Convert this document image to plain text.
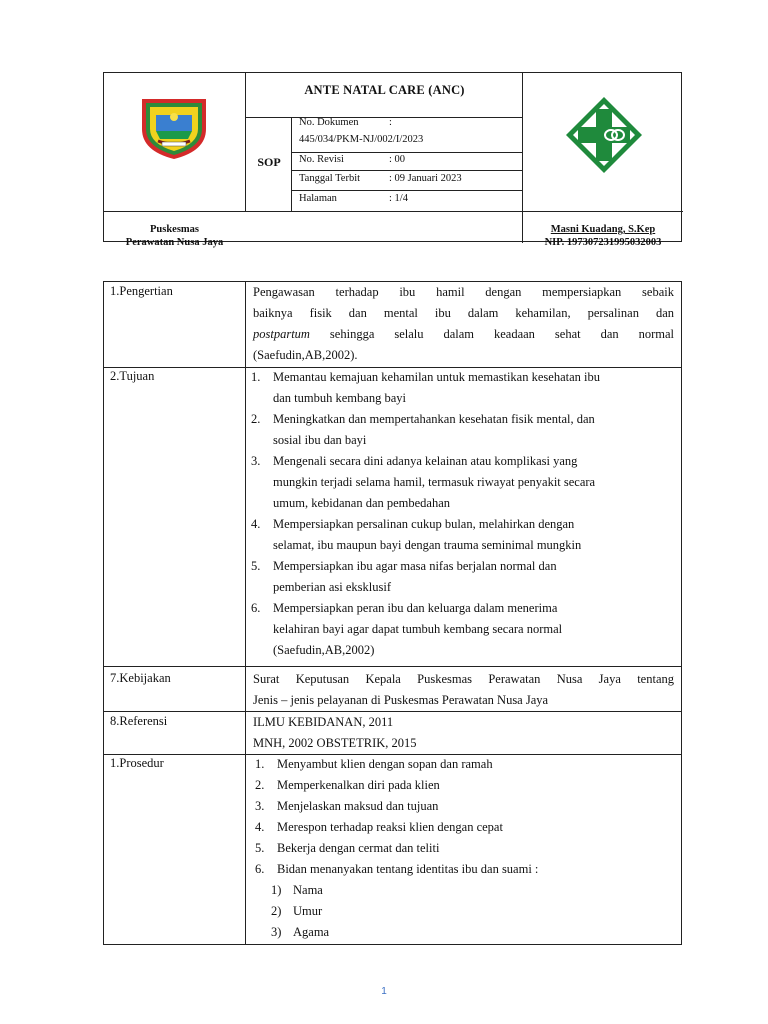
ANTE NATAL CARE (ANC)
SOP
No. Dokumen	:
445/034/PKM-NJ/002/I/2023
No. Revisi	: 00
Tanggal Terbit	: 09 Januari 2023
Halaman	: 1/4
Puskesmas
Perawatan Nusa Jaya
Masni Kuadang, S.Kep
NIP. 197307231995032003
1.Pengertian	Pengawasan terhadap ibu hamil dengan mempersiapkan sebaik
baiknya fisik dan mental ibu dalam kehamilan, persalinan dan
postpartum sehingga selalu dalam keadaan sehat dan normal
(Saefudin,AB,2002).
2.Tujuan	1. Memantau kemajuan kehamilan untuk memastikan kesehatan ibu
dan tumbuh kembang bayi
2. Meningkatkan dan mempertahankan kesehatan fisik mental, dan
sosial ibu dan bayi
3. Mengenali secara dini adanya kelainan atau komplikasi yang
mungkin terjadi selama hamil, termasuk riwayat penyakit secara
umum, kebidanan dan pembedahan
4. Mempersiapkan persalinan cukup bulan, melahirkan dengan
selamat, ibu maupun bayi dengan trauma seminimal mungkin
5. Mempersiapkan ibu agar masa nifas berjalan normal dan
pemberian asi eksklusif
6. Mempersiapkan peran ibu dan keluarga dalam menerima
kelahiran bayi agar dapat tumbuh kembang secara normal
(Saefudin,AB,2002)
7.Kebijakan	Surat Keputusan Kepala Puskesmas Perawatan Nusa Jaya tentang
Jenis – jenis pelayanan di Puskesmas Perawatan Nusa Jaya
8.Referensi	ILMU KEBIDANAN, 2011
MNH, 2002 OBSTETRIK, 2015
1.Prosedur	1. Menyambut klien dengan sopan dan ramah
2. Memperkenalkan diri pada klien
3. Menjelaskan maksud dan tujuan
4. Merespon terhadap reaksi klien dengan cepat
5. Bekerja dengan cermat dan teliti
6. Bidan menanyakan tentang identitas ibu dan suami :
1) Nama
2) Umur
3) Agama
1
